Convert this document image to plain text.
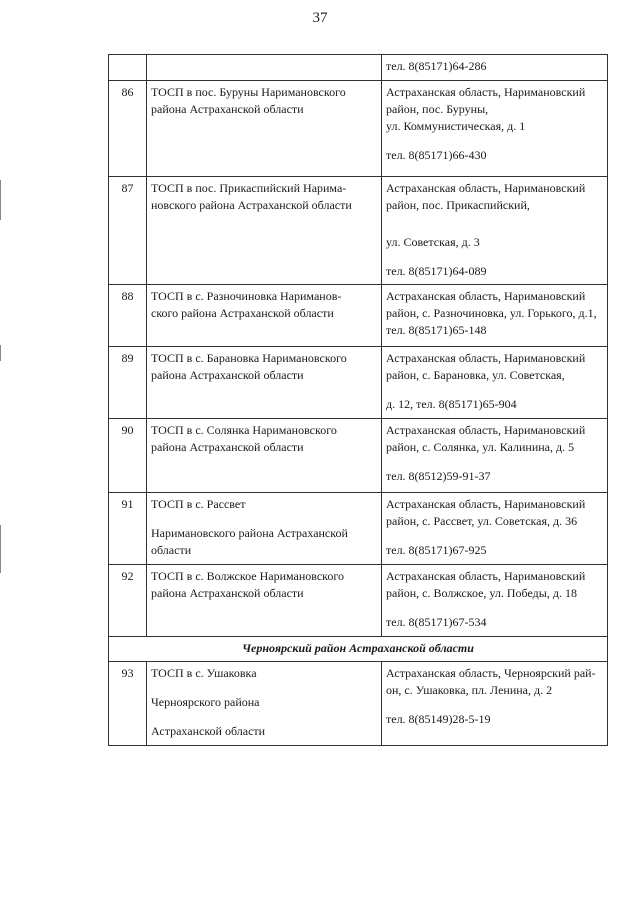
37

		тел. 8(85171)64-286

86	ТОСП в пос. Буруны Наримановского
района Астраханской области	Астраханская область, Наримановский
район, пос. Буруны,
ул. Коммунистическая, д. 1
тел. 8(85171)66-430

87	ТОСП в пос. Прикаспийский Нарима-
новского района Астраханской области	Астраханская область, Наримановский
район, пос. Прикаспийский,
ул. Советская, д. 3
тел. 8(85171)64-089

88	ТОСП в с. Разночиновка Нариманов-
ского района Астраханской области	Астраханская область, Наримановский
район, с. Разночиновка, ул. Горького, д.1,
тел. 8(85171)65-148

89	ТОСП в с. Барановка Наримановского
района Астраханской области	Астраханская область, Наримановский
район, с. Барановка, ул. Советская,
д. 12, тел. 8(85171)65-904

90	ТОСП в с. Солянка Наримановского
района Астраханской области	Астраханская область, Наримановский
район, с. Солянка, ул. Калинина, д. 5
тел. 8(8512)59-91-37

91	ТОСП в с. Рассвет
Наримановского района Астраханской
области	Астраханская область, Наримановский
район, с. Рассвет, ул. Советская, д. 36
тел. 8(85171)67-925

92	ТОСП в с. Волжское Наримановского
района Астраханской области	Астраханская область, Наримановский
район, с. Волжское, ул. Победы, д. 18
тел. 8(85171)67-534

Черноярский район Астраханской области		
93	ТОСП в с. Ушаковка
Черноярского района
Астраханской области	Астраханская область, Черноярский рай-
он, с. Ушаковка, пл. Ленина, д. 2
тел. 8(85149)28-5-19
